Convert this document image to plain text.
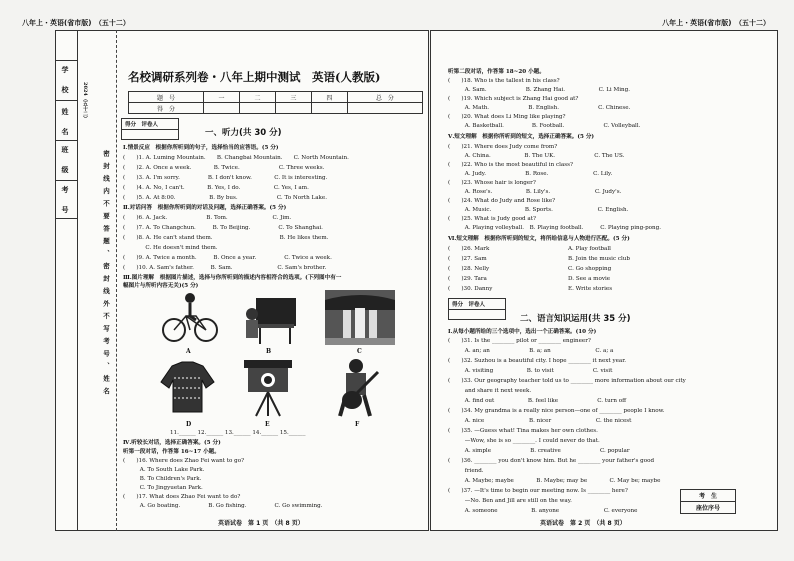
八年上・英语(省市版)　（五十二）	八年上・英语(省市版)　（五十二）
学　校
姓　名
班　级
考　号
2024（五十二）
密封线内不要答题、密封线外不写考号、姓名
名校调研系列卷・八年上期中测试　英语(人教版)
题　号	一	二	三	四	总　分
得　分					
得分　 评卷人
一、听力(共 30 分)
Ⅰ.情景反应　根据你所听到的句子，选择恰当的应答语。(5 分)
(　　)1. A. Luming Mountain.　　B. Changbai Mountain.　　C. North Mountain.
(　　)2. A. Once a week.　　　　B. Twice.　　　　　　　C. Three weeks.
(　　)3. A. I'm sorry.　　　　　B. I don't know.　　　　C. It is interesting.
(　　)4. A. No, I can't.　　　　B. Yes, I do.　　　　　　C. Yes, I am.
(　　)5. A. At 8:00.　　　　　　B. By bus.　　　　　　　C. To North Lake.
Ⅱ.对话问答　根据你所听到的对话及问题，选择正确答案。(5 分)
(　　)6. A. Jack.　　　　　　　B. Tom.　　　　　　　　C. Jim.
(　　)7. A. To Changchun.　　　B. To Beijing.　　　　　C. To Shanghai.
(　　)8. A. He can't stand them.　　　　　　　　　　　　B. He likes them.
　　　　C. He doesn't mind them.
(　　)9. A. Twice a month.　　　B. Once a year.　　　　　C. Twice a week.
(　　)10. A. Sam's father.　　　B. Sam.　　　　　　　　C. Sam's brother.
Ⅲ.图片理解　根据图片描述，选择与你所听到的描述内容相符合的选项。(下列图中有一
幅图片与所听内容无关)(5 分)
A	B	C
D	E	F
11.______ 12.______ 13.______ 14.______ 15.______
Ⅳ.听较长对话，选择正确答案。(5 分)
听第一段对话，作答第 16~17 小题。
(　　)16. Where does Zhao Fei want to go?
　　　A. To South Lake Park.
　　　B. To Children's Park.
　　　C. To Jingyuetan Park.
(　　)17. What does Zhao Fei want to do?
　　　A. Go boating.　　　　　B. Go fishing.　　　　　C. Go swimming.
英语试卷　第 1 页　（共 8 页）
听第二段对话，作答第 18~20 小题。
(　　)18. Who is the tallest in his class?
　　　A. Sam.　　　　　　　B. Zhang Hai.　　　　　　C. Li Ming.
(　　)19. Which subject is Zhang Hai good at?
　　　A. Math.　　　　　　　B. English.　　　　　　　C. Chinese.
(　　)20. What does Li Ming like playing?
　　　A. Basketball.　　　　　B. Football.　　　　　　　C. Volleyball.
Ⅴ.短文理解　根据你所听到的短文，选择正确答案。(5 分)
(　　)21. Where does Judy come from?
　　　A. China.　　　　　　B. The UK.　　　　　　　C. The US.
(　　)22. Who is the most beautiful in class?
　　　A. Judy.　　　　　　　B. Rose.　　　　　　　　C. Lily.
(　　)23. Whose hair is longer?
　　　A. Rose's.　　　　　　B. Lily's.　　　　　　　　C. Judy's.
(　　)24. What do Judy and Rose like?
　　　A. Music.　　　　　　B. Sports.　　　　　　　　C. English.
(　　)25. What is Judy good at?
　　　A. Playing volleyball.　B. Playing football.　　　C. Playing ping-pong.
Ⅵ.短文理解　根据你所听到的短文，将所给信息与人物进行匹配。(5 分)
(　　)26. Mark	A. Play football
(　　)27. Sam	B. Join the music club
(　　)28. Nelly	C. Go shopping
(　　)29. Tara	D. See a movie
(　　)30. Danny	E. Write stories
得分　 评卷人
二、语言知识运用(共 35 分)
Ⅰ.从每小题所给的三个选项中，选出一个正确答案。(10 分)
(　　)31. Is the ________ pilot or ________ engineer?
　　　A. an; an　　　　　　　B. a; an　　　　　　　　C. a; a
(　　)32. Suzhou is a beautiful city. I hope ________ it next year.
　　　A. visiting　　　　　　B. to visit　　　　　　　C. visit
(　　)33. Our geography teacher told us to ________ more information about our city
　　　and share it next week.
　　　A. find out　　　　　　B. feel like　　　　　　　C. turn off
(　　)34. My grandma is a really nice person—one of ________ people I know.
　　　A. nice　　　　　　　　B. nicer　　　　　　　　C. the nicest
(　　)35. —Guess what! Tina makes her own clothes.
　　　—Wow, she is so ________. I could never do that.
　　　A. simple　　　　　　　B. creative　　　　　　　C. popular
(　　)36. ________ you don't know him. But he ________ your father's good
　　　friend.
　　　A. Maybe; maybe　　　　B. Maybe; may be　　　　C. May be; maybe
(　　)37. —It's time to begin our meeting now. Is ________ here?
　　　—No. Ben and Jill are still on the way.
　　　A. someone　　　　　　B. anyone　　　　　　　　C. everyone
考　生
座位序号
英语试卷　第 2 页　（共 8 页）
